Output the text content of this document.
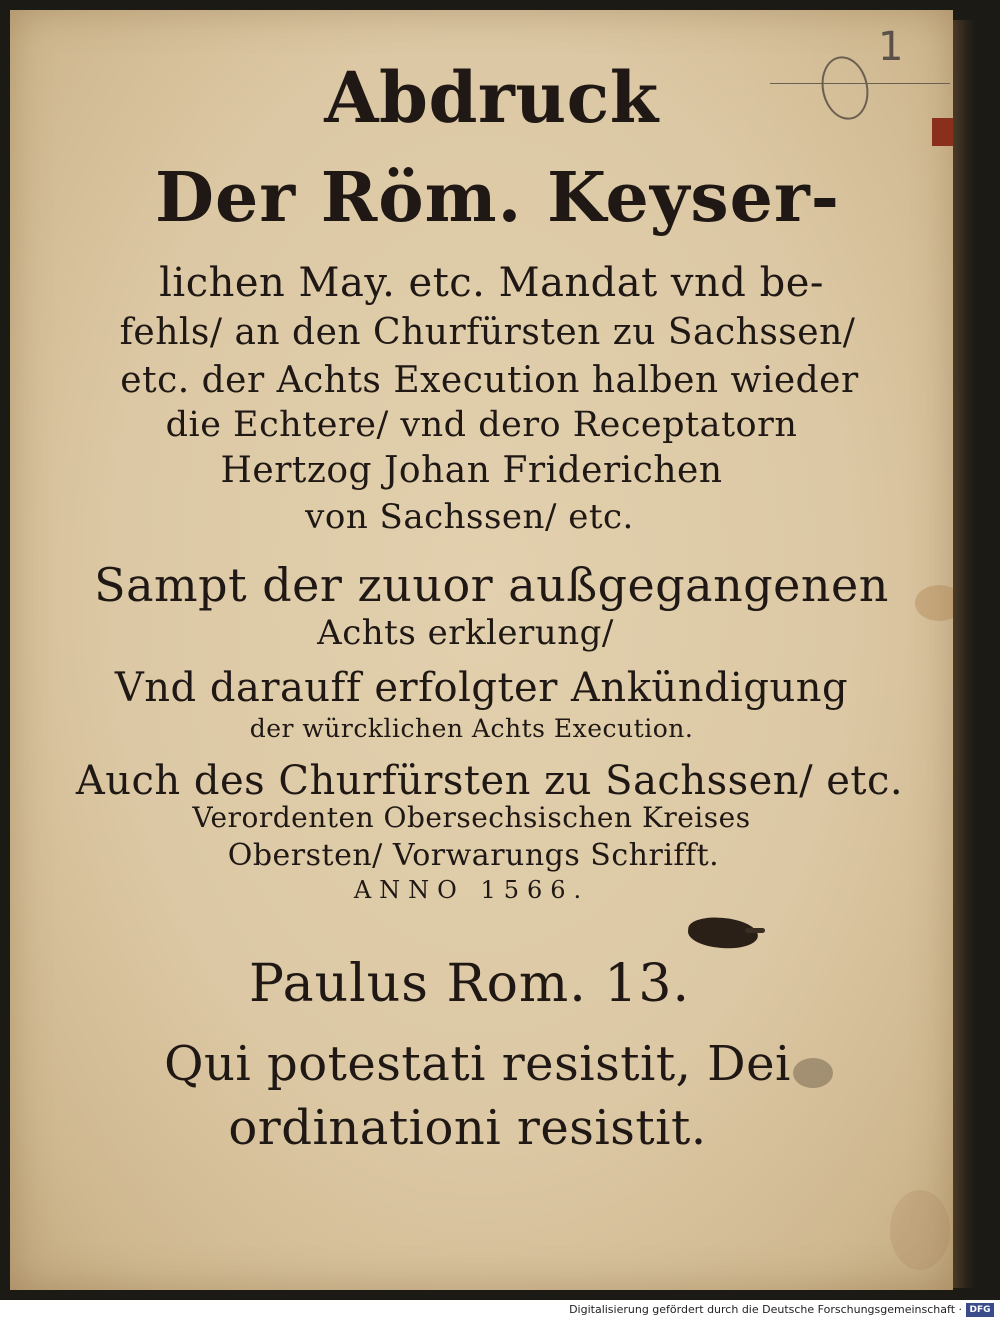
1
Abdruck
Der Röm. Keyser-
lichen May. etc. Mandat vnd be-
fehls/ an den Churfürsten zu Sachssen/
etc. der Achts Execution halben wieder
die Echtere/ vnd dero Receptatorn
Hertzog Johan Friderichen
von Sachssen/ etc.
Sampt der zuuor außgegangenen
Achts erklerung/
Vnd darauff erfolgter Ankündigung
der würcklichen Achts Execution.
Auch des Churfürsten zu Sachssen/ etc.
Verordenten Obersechsischen Kreises
Obersten/ Vorwarungs Schrifft.
ANNO 1566.
Paulus Rom. 13.
Qui potestati resistit, Dei
ordinationi resistit.
Digitalisierung gefördert durch die Deutsche Forschungsgemeinschaft · DFG
